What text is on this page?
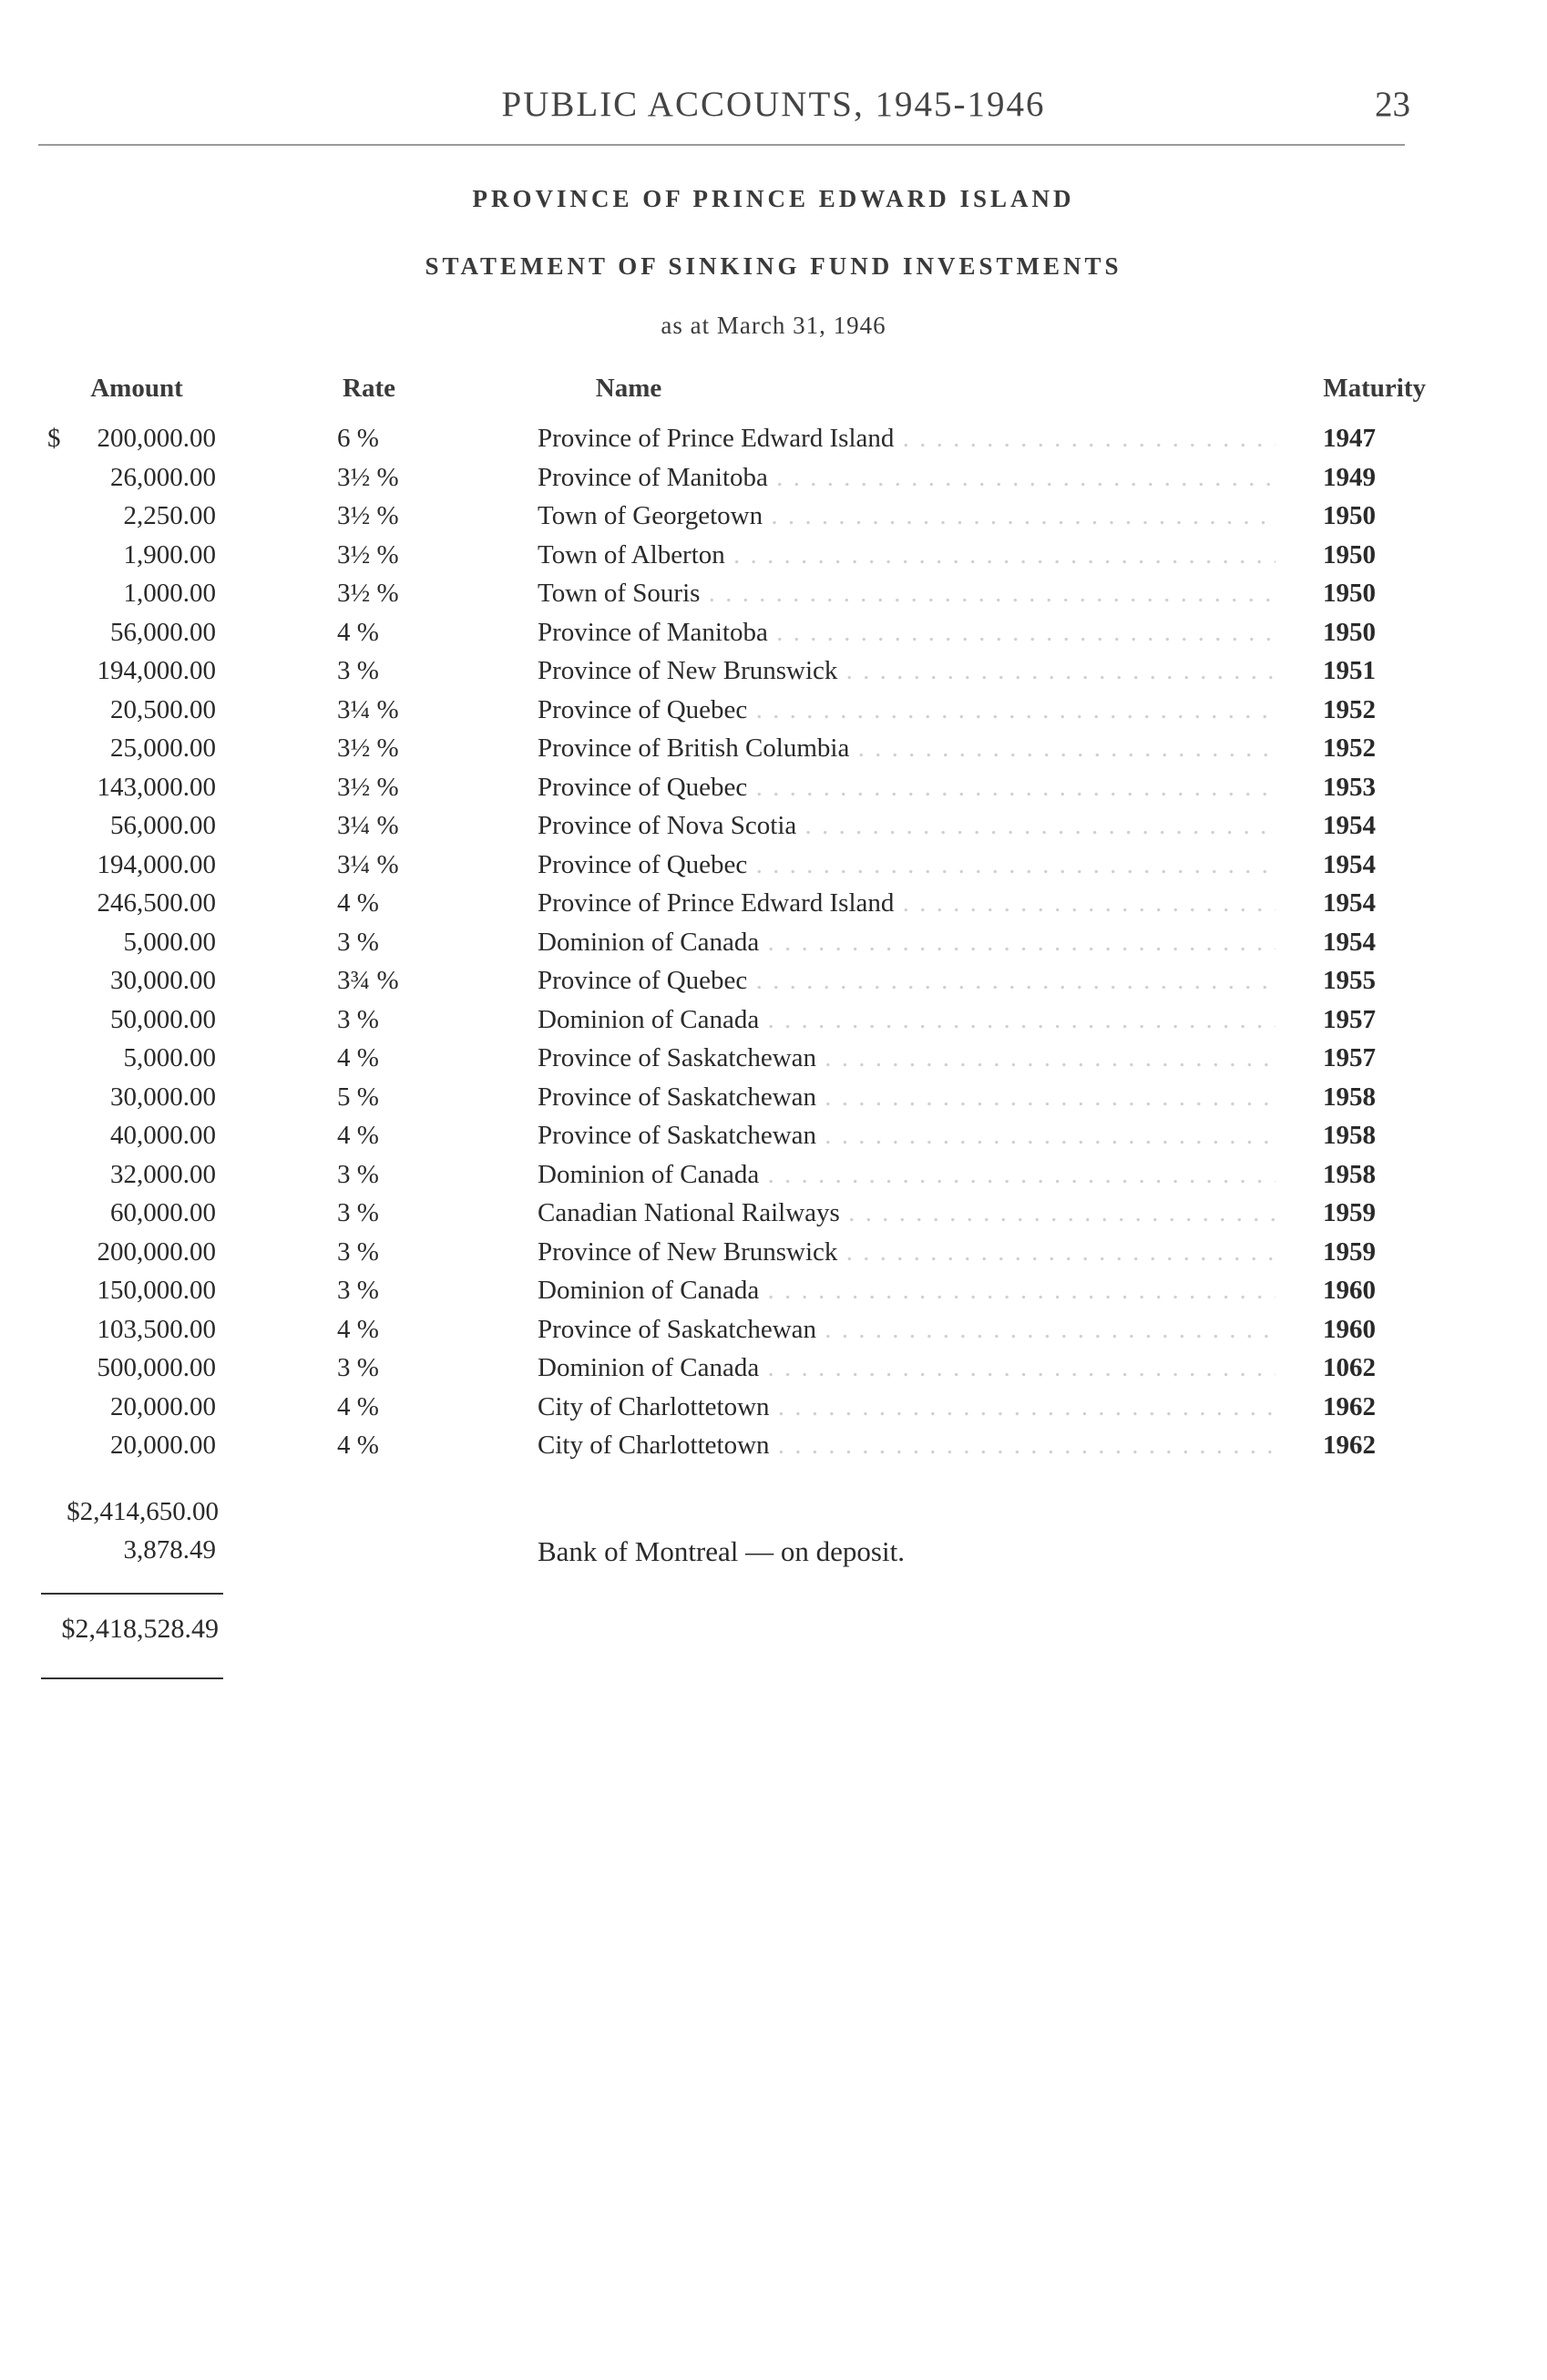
PUBLIC ACCOUNTS, 1945-1946	23
PROVINCE OF PRINCE EDWARD ISLAND
STATEMENT OF SINKING FUND INVESTMENTS
as at March 31, 1946
Amount	Rate	Name	Maturity
$	200,000.00	6 %	Province of Prince Edward Island . . .	1947
26,000.00	3½ %	Province of Manitoba . . .	1949
2,250.00	3½ %	Town of Georgetown . . .	1950
1,900.00	3½ %	Town of Alberton . . .	1950
1,000.00	3½ %	Town of Souris . . .	1950
56,000.00	4 %	Province of Manitoba . . .	1950
194,000.00	3 %	Province of New Brunswick . . .	1951
20,500.00	3¼ %	Province of Quebec . . .	1952
25,000.00	3½ %	Province of British Columbia . . .	1952
143,000.00	3½ %	Province of Quebec . . .	1953
56,000.00	3¼ %	Province of Nova Scotia . . .	1954
194,000.00	3¼ %	Province of Quebec . . .	1954
246,500.00	4 %	Province of Prince Edward Island . . .	1954
5,000.00	3 %	Dominion of Canada . . .	1954
30,000.00	3¾ %	Province of Quebec . . .	1955
50,000.00	3 %	Dominion of Canada . . .	1957
5,000.00	4 %	Province of Saskatchewan . . .	1957
30,000.00	5 %	Province of Saskatchewan . . .	1958
40,000.00	4 %	Province of Saskatchewan . . .	1958
32,000.00	3 %	Dominion of Canada . . .	1958
60,000.00	3 %	Canadian National Railways . . .	1959
200,000.00	3 %	Province of New Brunswick . . .	1959
150,000.00	3 %	Dominion of Canada . . .	1960
103,500.00	4 %	Province of Saskatchewan . . .	1960
500,000.00	3 %	Dominion of Canada . . .	1062
20,000.00	4 %	City of Charlottetown . . .	1962
20,000.00	4 %	City of Charlottetown . . .	1962
$2,414,650.00
3,878.49	Bank of Montreal — on deposit.
$2,418,528.49
